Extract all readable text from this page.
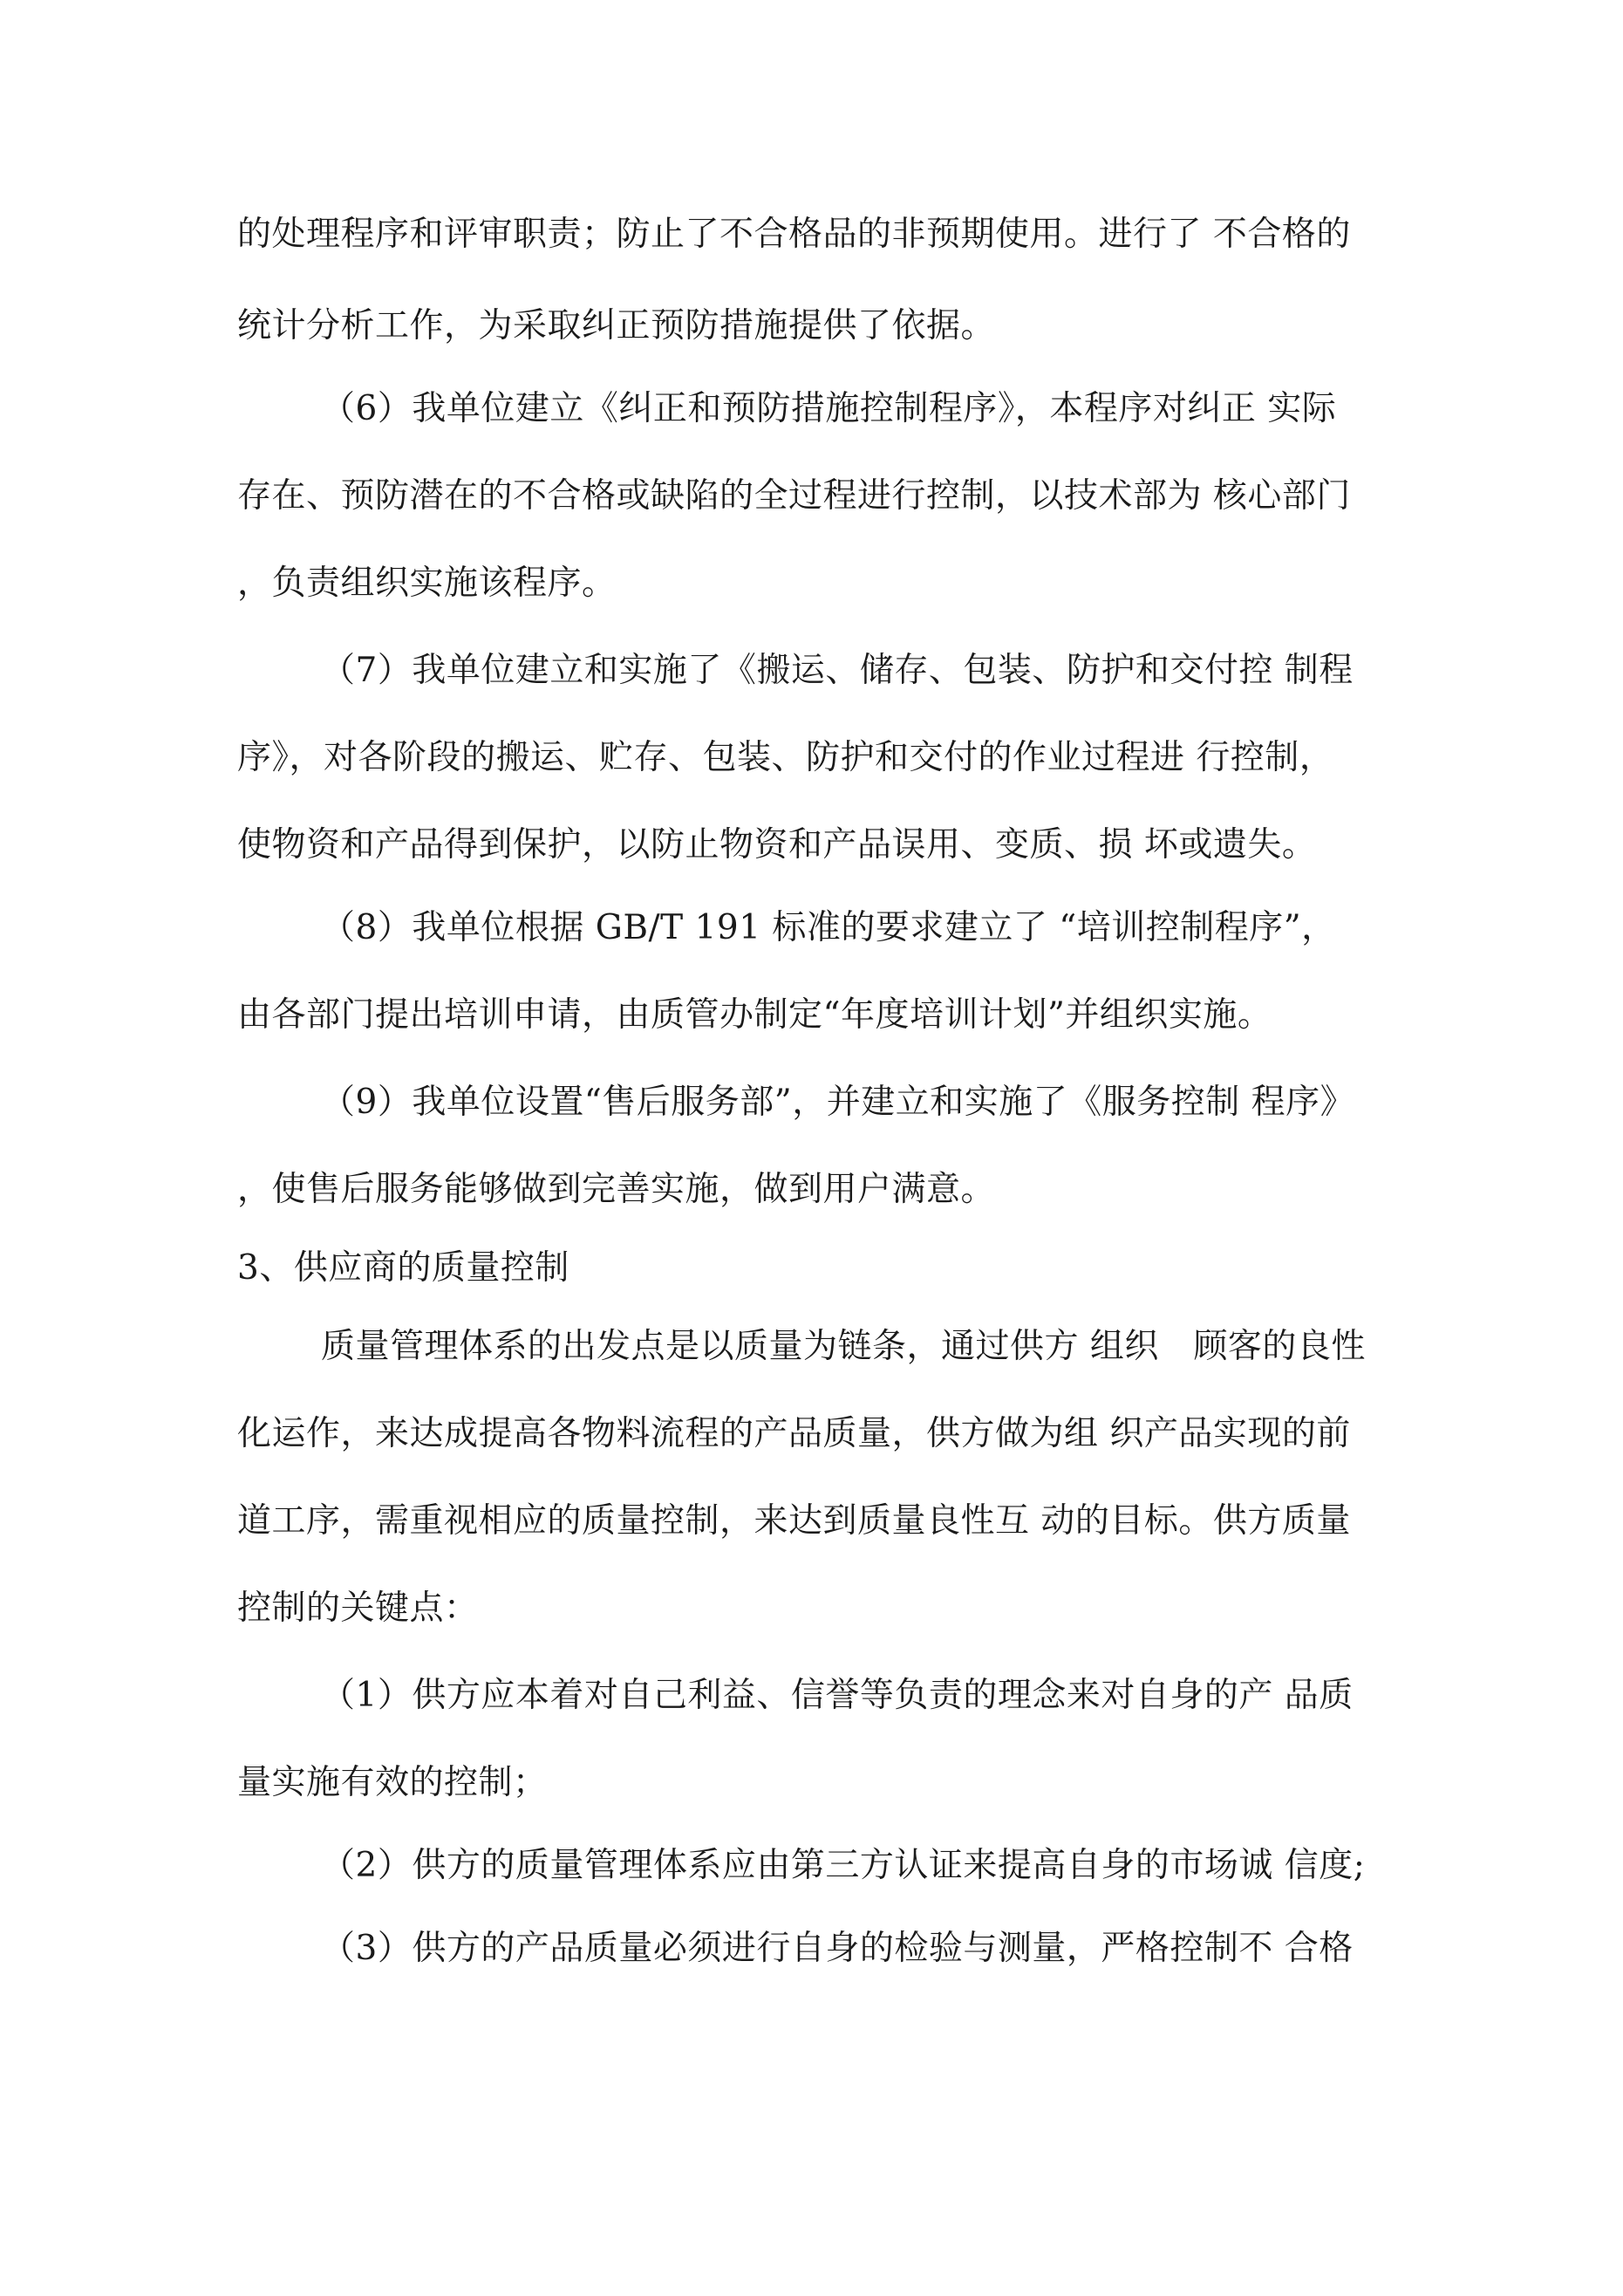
的处理程序和评审职责；防止了不合格品的非预期使用。进行了 不合格的
统计分析工作，为采取纠正预防措施提供了依据。
（6）我单位建立《纠正和预防措施控制程序》，本程序对纠正 实际
存在、预防潜在的不合格或缺陷的全过程进行控制，以技术部为 核心部门
，负责组织实施该程序。
（7）我单位建立和实施了《搬运、储存、包装、防护和交付控 制程
序》，对各阶段的搬运、贮存、包装、防护和交付的作业过程进 行控制，
使物资和产品得到保护，以防止物资和产品误用、变质、损 坏或遗失。
（8）我单位根据 GB/T 191 标准的要求建立了 “培训控制程序”，
由各部门提出培训申请，由质管办制定“年度培训计划”并组织实施。
（9）我单位设置“售后服务部”，并建立和实施了《服务控制 程序》
，使售后服务能够做到完善实施，做到用户满意。
3、供应商的质量控制
质量管理体系的出发点是以质量为链条，通过供方 组织　顾客的良性
化运作，来达成提高各物料流程的产品质量，供方做为组 织产品实现的前
道工序，需重视相应的质量控制，来达到质量良性互 动的目标。供方质量
控制的关键点：
（1）供方应本着对自己利益、信誉等负责的理念来对自身的产 品质
量实施有效的控制；
（2）供方的质量管理体系应由第三方认证来提高自身的市场诚 信度;
（3）供方的产品质量必须进行自身的检验与测量，严格控制不 合格
